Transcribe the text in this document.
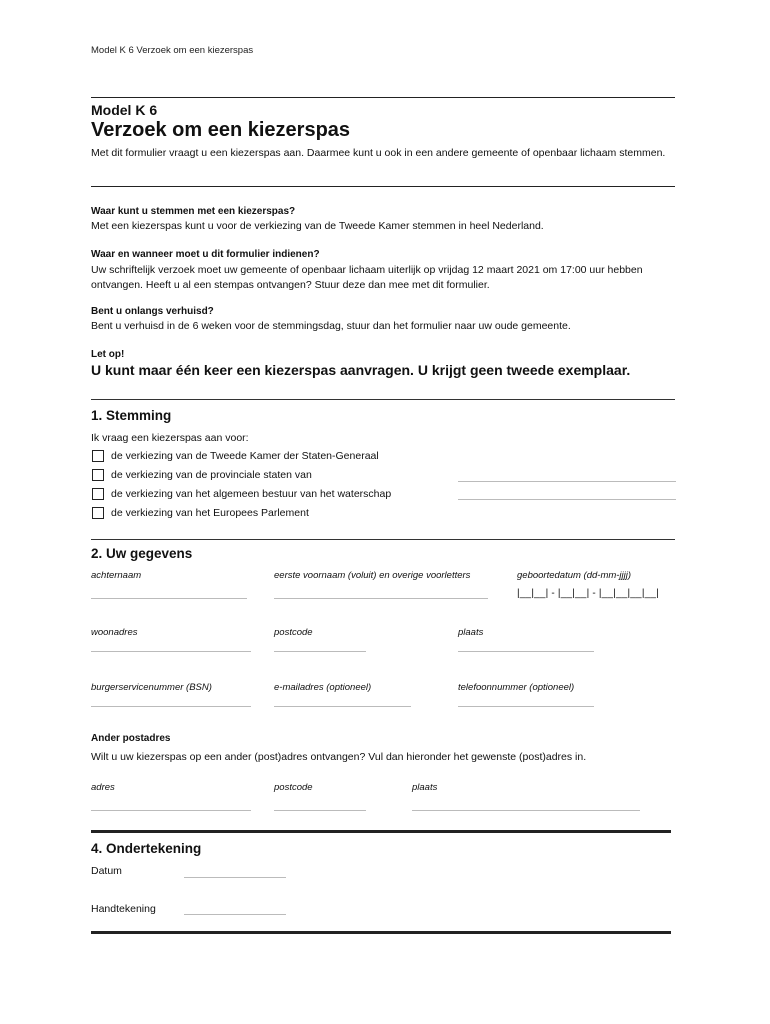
Model K 6 Verzoek om een kiezerspas
Model K 6
Verzoek om een kiezerspas
Met dit formulier vraagt u een kiezerspas aan. Daarmee kunt u ook in een andere gemeente of openbaar lichaam stemmen.
Waar kunt u stemmen met een kiezerspas?
Met een kiezerspas kunt u voor de verkiezing van de Tweede Kamer stemmen in heel Nederland.
Waar en wanneer moet u dit formulier indienen?
Uw schriftelijk verzoek moet uw gemeente of openbaar lichaam uiterlijk op vrijdag 12 maart 2021 om 17:00 uur hebben ontvangen. Heeft u al een stempas ontvangen? Stuur deze dan mee met dit formulier.
Bent u onlangs verhuisd?
Bent u verhuisd in de 6 weken voor de stemmingsdag, stuur dan het formulier naar uw oude gemeente.
Let op!
U kunt maar één keer een kiezerspas aanvragen. U krijgt geen tweede exemplaar.
1. Stemming
Ik vraag een kiezerspas aan voor:
de verkiezing van de Tweede Kamer der Staten-Generaal
de verkiezing van de provinciale staten van
de verkiezing van het algemeen bestuur van het waterschap
de verkiezing van het Europees Parlement
2. Uw gegevens
achternaam	eerste voornaam (voluit) en overige voorletters	geboortedatum (dd-mm-jjjj)
|__|__| - |__|__| - |__|__|__|__|
woonadres	postcode	plaats
burgerservicenummer (BSN)	e-mailadres (optioneel)	telefoonnummer (optioneel)
Ander postadres
Wilt u uw kiezerspas op een ander (post)adres ontvangen? Vul dan hieronder het gewenste (post)adres in.
adres	postcode	plaats
4. Ondertekening
Datum
Handtekening
